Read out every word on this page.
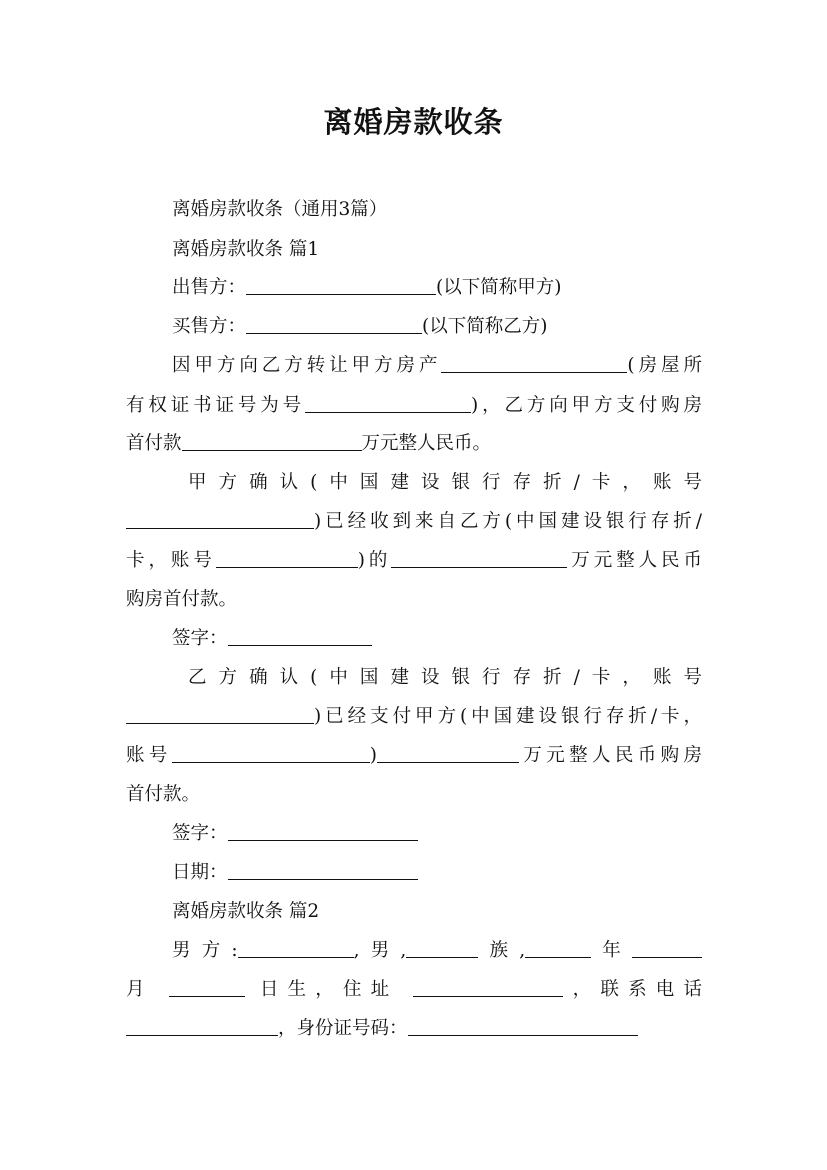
离婚房款收条
离婚房款收条（通用3篇）
离婚房款收条 篇1
出售方：	(以下简称甲方)
买售方：	(以下简称乙方)
因甲方向乙方转让甲方房产	(房屋所
有权证书证号为号	)，乙方向甲方支付购房
首付款	万元整人民币。
甲方确认(中国建设银行存折/卡，账号
)已经收到来自乙方(中国建设银行存折/
卡，账号	)的	万元整人民币
购房首付款。
签字：
乙方确认(中国建设银行存折/卡，账号
)已经支付甲方(中国建设银行存折/卡，
账号	)	万元整人民币购房
首付款。
签字：
日期：
离婚房款收条 篇2
男方:	,男,	族,	年
月	日生，住址	，联系电话
，身份证号码：
